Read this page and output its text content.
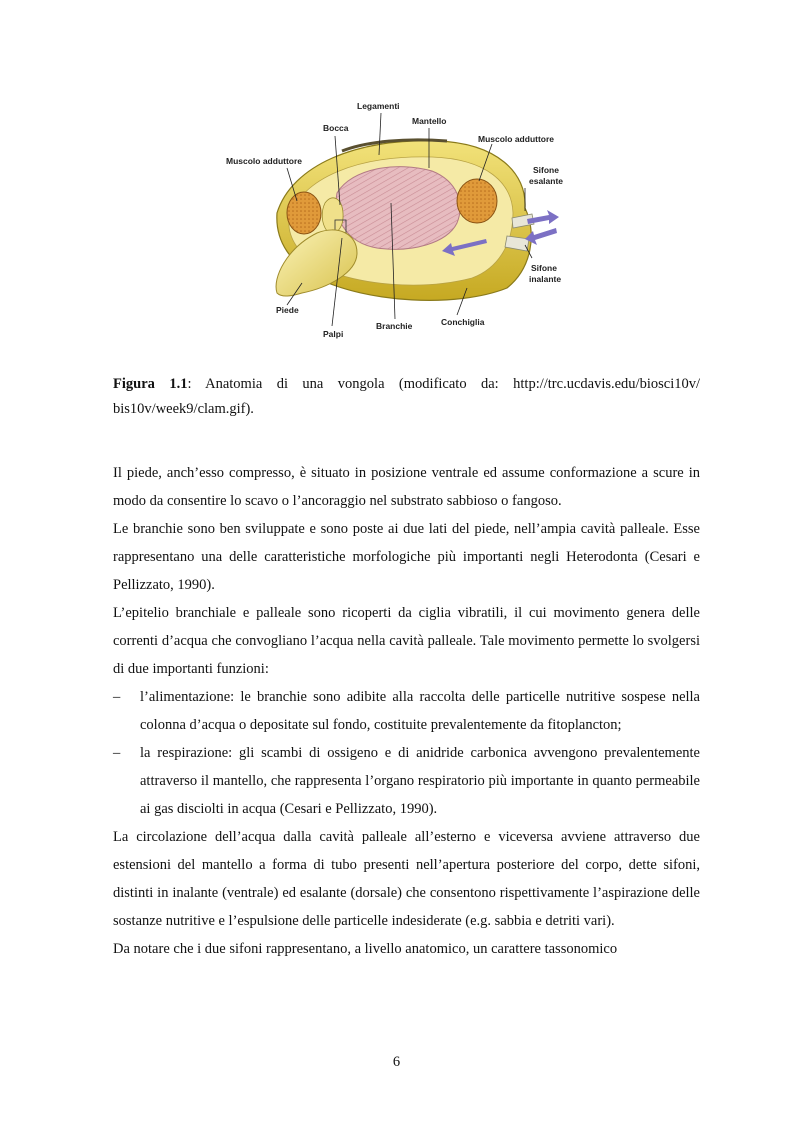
Legamenti
Mantello
Bocca
Muscolo adduttore
Muscolo adduttore
Sifone
esalante
Sifone
inalante
Piede
Palpi
Branchie	Conchiglia
Figura 1.1: Anatomia di una vongola (modificato da: http://trc.ucdavis.edu/biosci10v/ bis10v/week9/clam.gif).

Il piede, anch’esso compresso, è situato in posizione ventrale ed assume conformazione a scure in modo da consentire lo scavo o l’ancoraggio nel substrato sabbioso o fangoso.

Le branchie sono ben sviluppate e sono poste ai due lati del piede, nell’ampia cavità palleale. Esse rappresentano una delle caratteristiche morfologiche più importanti negli Heterodonta (Cesari e Pellizzato, 1990).

L’epitelio branchiale e palleale sono ricoperti da ciglia vibratili, il cui movimento genera delle correnti d’acqua che convogliano l’acqua nella cavità palleale. Tale movimento permette lo svolgersi di due importanti funzioni:

– l’alimentazione: le branchie sono adibite alla raccolta delle particelle nutritive sospese nella colonna d’acqua o depositate sul fondo, costituite prevalentemente da fitoplancton;
– la respirazione: gli scambi di ossigeno e di anidride carbonica avvengono prevalentemente attraverso il mantello, che rappresenta l’organo respiratorio più importante in quanto permeabile ai gas disciolti in acqua (Cesari e Pellizzato, 1990).

La circolazione dell’acqua dalla cavità palleale all’esterno e viceversa avviene attraverso due estensioni del mantello a forma di tubo presenti nell’apertura posteriore del corpo, dette sifoni, distinti in inalante (ventrale) ed esalante (dorsale) che consentono rispettivamente l’aspirazione delle sostanze nutritive e l’espulsione delle particelle indesiderate (e.g. sabbia e detriti vari).

Da notare che i due sifoni rappresentano, a livello anatomico, un carattere tassonomico

6
